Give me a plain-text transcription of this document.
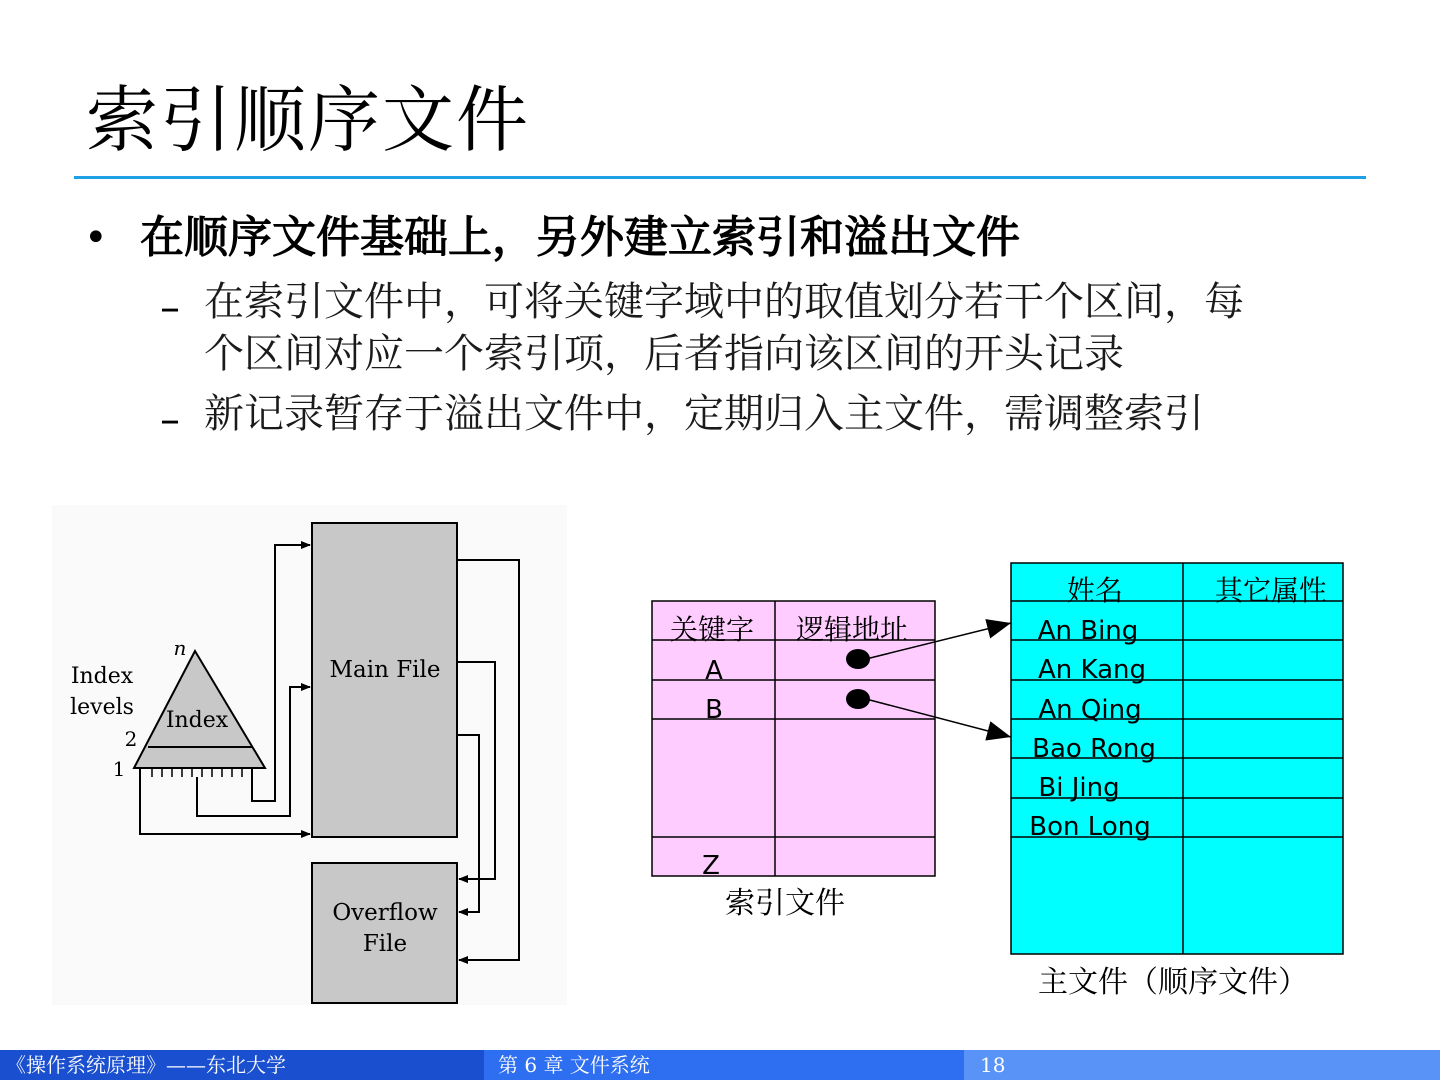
索引顺序文件
• 在顺序文件基础上，另外建立索引和溢出文件
– 在索引文件中，可将关键字域中的取值划分若干个区间，每
个区间对应一个索引项，后者指向该区间的开头记录
– 新记录暂存于溢出文件中，定期归入主文件，需调整索引
Main File
Overflow
File
Index
n
Index
levels
2
1
关键字 逻辑地址
A
B
Z
索引文件
姓名	其它属性
An Bing
An Kang
An Qing
Bao Rong
Bi Jing
Bon Long
主文件（顺序文件）
《操作系统原理》——东北大学	第 6 章 文件系统	18
